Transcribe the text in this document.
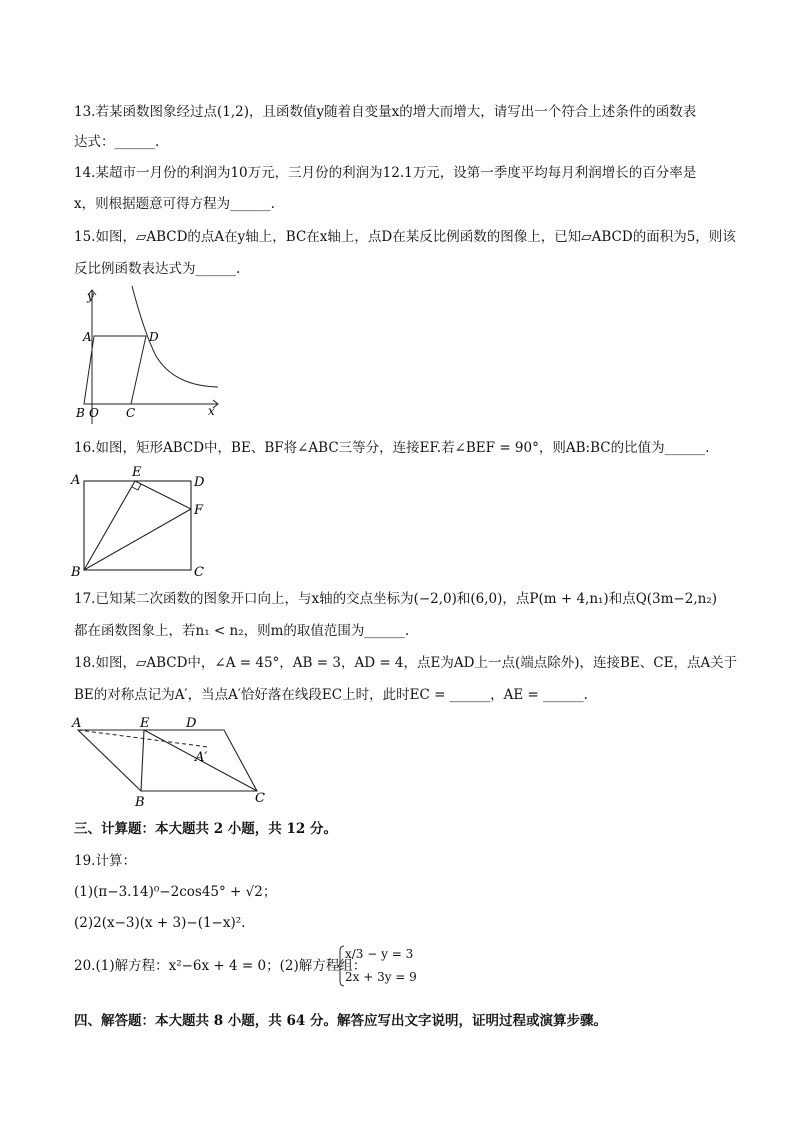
13.若某函数图象经过点(1,2)，且函数值y随着自变量x的增大而增大，请写出一个符合上述条件的函数表
达式：______.
14.某超市一月份的利润为10万元，三月份的利润为12.1万元，设第一季度平均每月利润增长的百分率是
x，则根据题意可得方程为______.
15.如图，▱ABCD的点A在y轴上，BC在x轴上，点D在某反比例函数的图像上，已知▱ABCD的面积为5，则该
反比例函数表达式为______.
y
x
A	D
B O C
16.如图，矩形ABCD中，BE、BF将∠ABC三等分，连接EF.若∠BEF = 90°，则AB:BC的比值为______.
A
E
D
F
B	C
17.已知某二次函数的图象开口向上，与x轴的交点坐标为(−2,0)和(6,0)，点P(m + 4,n₁)和点Q(3m−2,n₂)
都在函数图象上，若n₁ < n₂，则m的取值范围为______.
18.如图，▱ABCD中，∠A = 45°，AB = 3，AD = 4，点E为AD上一点(端点除外)，连接BE、CE，点A关于
BE的对称点记为A′，当点A′恰好落在线段EC上时，此时EC = ______，AE = ______.
A	E	D
A′
B	C
三、计算题：本大题共 2 小题，共 12 分。
19.计算：
(1)(π−3.14)⁰−2cos45° + √2；
(2)2(x−3)(x + 3)−(1−x)².
20.(1)解方程：x²−6x + 4 = 0；(2)解方程组：
x/3 − y = 3
2x + 3y = 9
四、解答题：本大题共 8 小题，共 64 分。解答应写出文字说明，证明过程或演算步骤。
